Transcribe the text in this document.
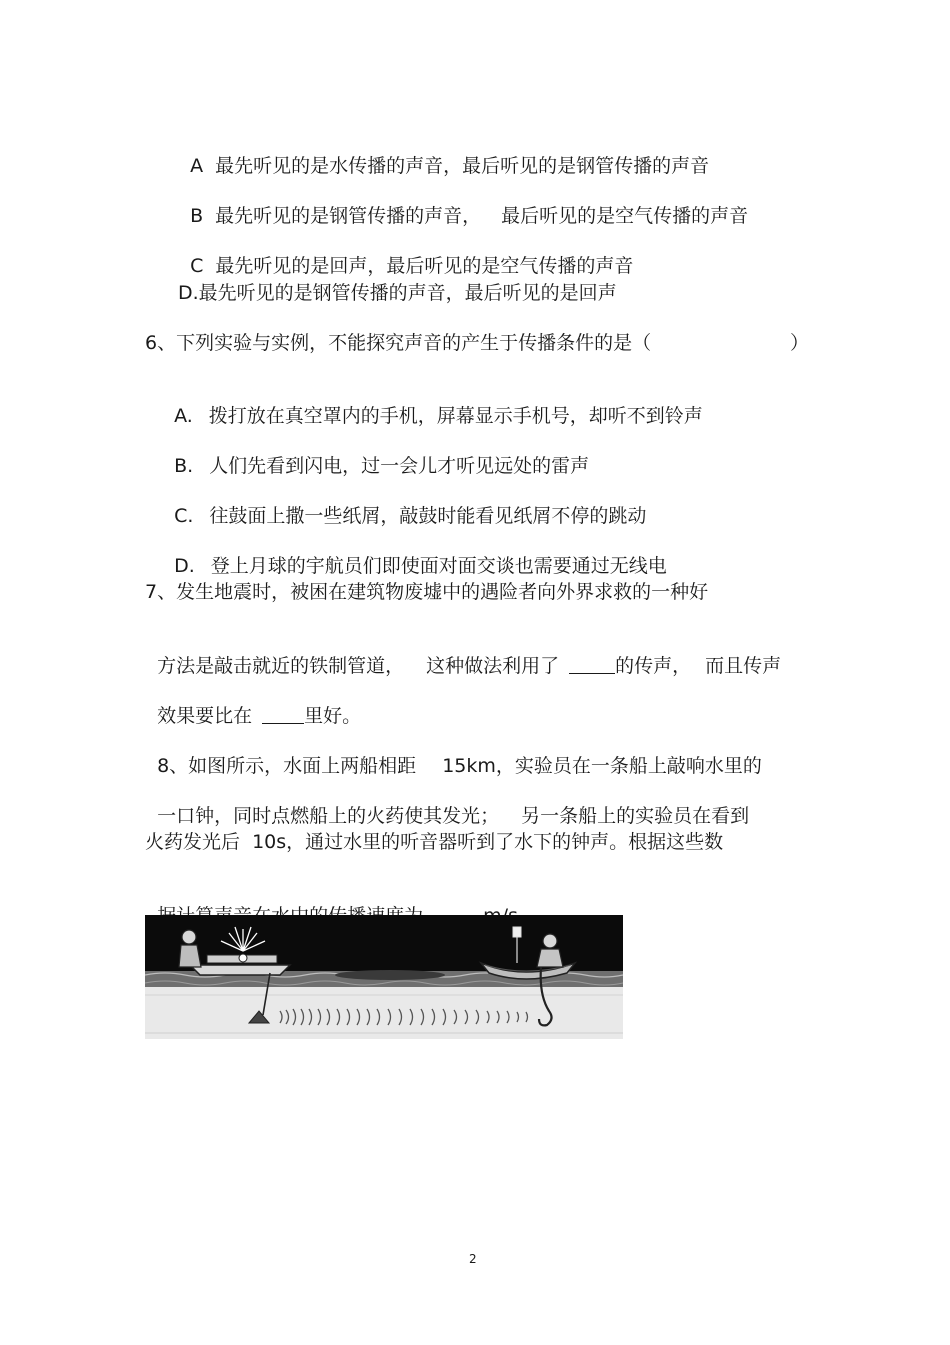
A 最先听见的是水传播的声音，最后听见的是钢管传播的声音

B 最先听见的是钢管传播的声音， 最后听见的是空气传播的声音

C 最先听见的是回声，最后听见的是空气传播的声音

D.最先听见的是钢管传播的声音，最后听见的是回声
6、下列实验与实例，不能探究声音的产生于传播条件的是（	）

A. 拨打放在真空罩内的手机，屏幕显示手机号，却听不到铃声

B. 人们先看到闪电，过一会儿才听见远处的雷声

C. 往鼓面上撒一些纸屑，敲鼓时能看见纸屑不停的跳动

D. 登上月球的宇航员们即使面对面交谈也需要通过无线电

7、发生地震时，被困在建筑物废墟中的遇险者向外界求救的一种好

方法是敲击就近的铁制管道， 这种做法利用了	的传声， 而且传声

效果要比在	里好。

8、如图所示，水面上两船相距 15km，实验员在一条船上敲响水里的

一口钟，同时点燃船上的火药使其发光； 另一条船上的实验员在看到

火药发光后  10s，通过水里的听音器听到了水下的钟声。根据这些数

2
